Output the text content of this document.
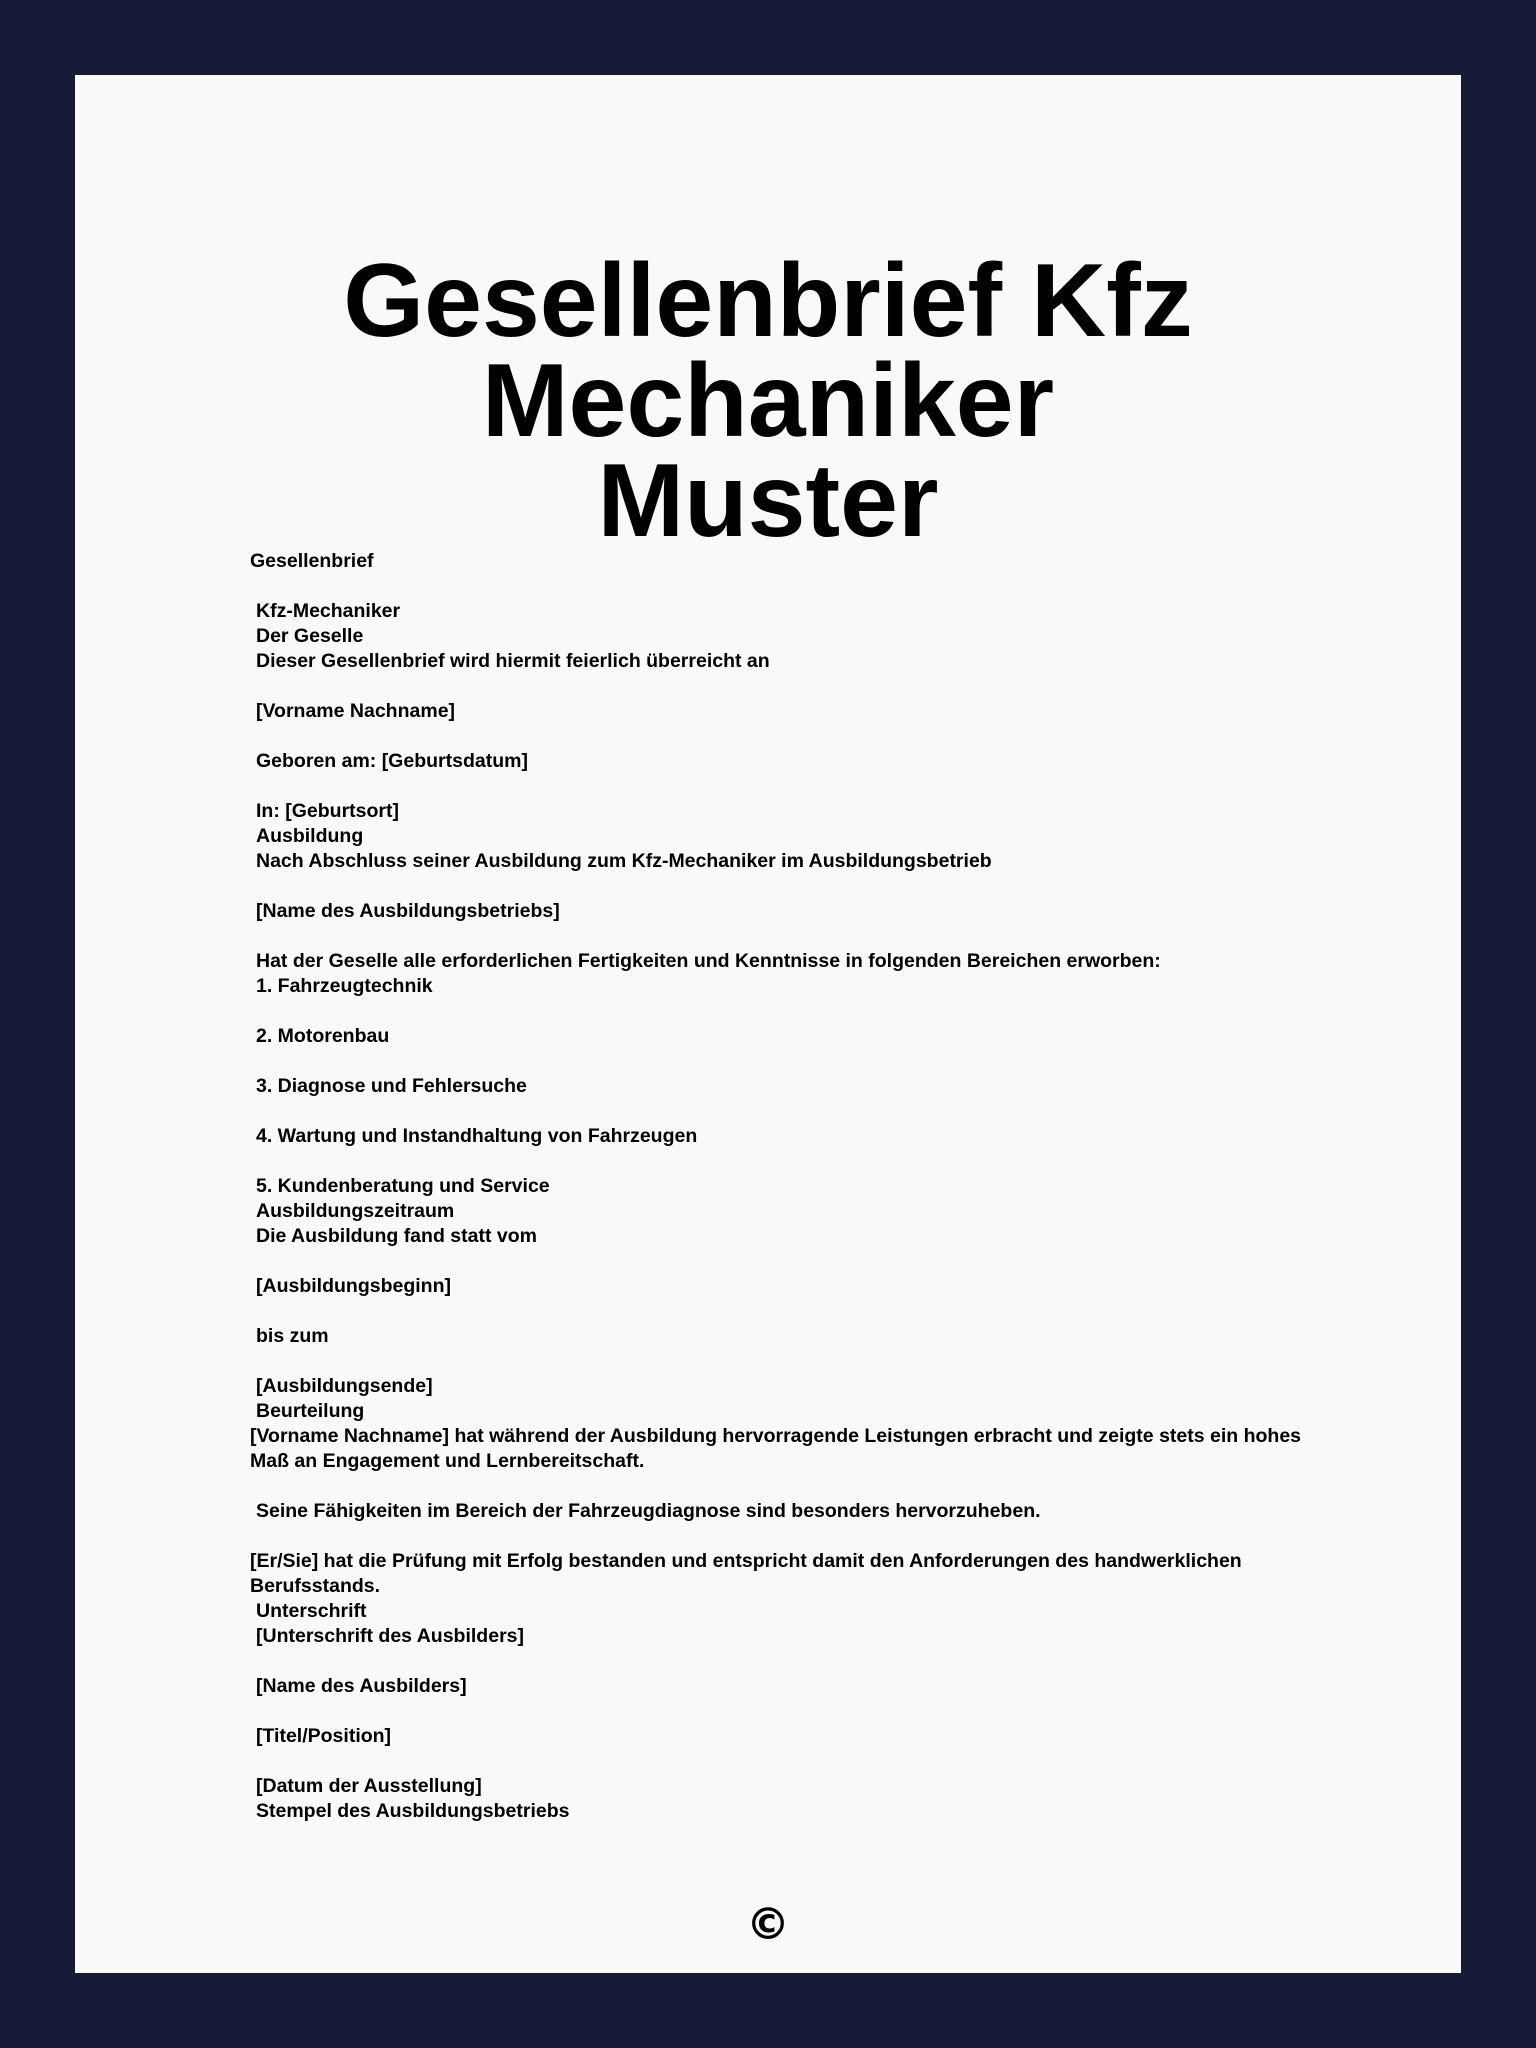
Gesellenbrief Kfz Mechaniker
Muster
Gesellenbrief
Kfz-Mechaniker
Der Geselle
Dieser Gesellenbrief wird hiermit feierlich überreicht an
[Vorname Nachname]
Geboren am: [Geburtsdatum]
In: [Geburtsort]
Ausbildung
Nach Abschluss seiner Ausbildung zum Kfz-Mechaniker im Ausbildungsbetrieb
[Name des Ausbildungsbetriebs]
Hat der Geselle alle erforderlichen Fertigkeiten und Kenntnisse in folgenden Bereichen erworben:
1. Fahrzeugtechnik
2. Motorenbau
3. Diagnose und Fehlersuche
4. Wartung und Instandhaltung von Fahrzeugen
5. Kundenberatung und Service
Ausbildungszeitraum
Die Ausbildung fand statt vom
[Ausbildungsbeginn]
bis zum
[Ausbildungsende]
Beurteilung
[Vorname Nachname] hat während der Ausbildung hervorragende Leistungen erbracht und zeigte stets ein hohes Maß an Engagement und Lernbereitschaft.
Seine Fähigkeiten im Bereich der Fahrzeugdiagnose sind besonders hervorzuheben.
[Er/Sie] hat die Prüfung mit Erfolg bestanden und entspricht damit den Anforderungen des handwerklichen Berufsstands.
Unterschrift
[Unterschrift des Ausbilders]
[Name des Ausbilders]
[Titel/Position]
[Datum der Ausstellung]
Stempel des Ausbildungsbetriebs
©
